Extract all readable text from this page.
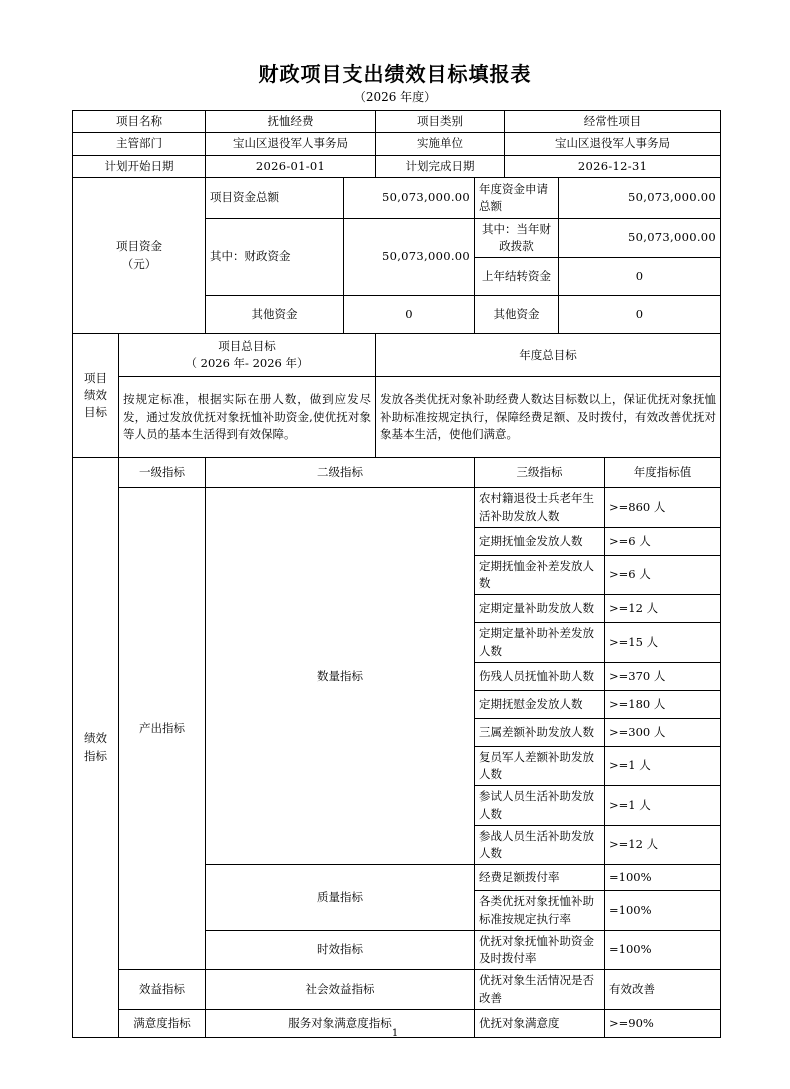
财政项目支出绩效目标填报表
（2026 年度）
项目名称		抚恤经费		项目类别		经常性项目		
主管部门		宝山区退役军人事务局		实施单位		宝山区退役军人事务局		
计划开始日期		2026-01-01		计划完成日期		2026-12-31		

项目资金
（元）		项目资金总额	50,073,000.00		年度资金申请总额		50,073,000.00	
		其中：财政资金	50,073,000.00		其中：当年财政拨款		50,073,000.00	
					上年结转资金		0	
		其他资金	0		其他资金		0	

项目
绩效
目标

项目总目标
（ 2026 年- 2026 年）
	年度总目标
	按规定标准，根据实际在册人数，做到应发尽发，通过发放优抚对象抚恤补助资金,使优抚对象等人员的基本生活得到有效保障。			发放各类优抚对象补助经费人数达目标数以上，保证优抚对象抚恤补助标准按规定执行，保障经费足额、及时拨付，有效改善优抚对象基本生活，使他们满意。				

绩效
指标	一级指标	二级指标			三级指标			年度指标值
	产出指标	数量指标			农村籍退役士兵老年生活补助发放人数			>=860 人
					定期抚恤金发放人数			>=6 人
					定期抚恤金补差发放人数			>=6 人
					定期定量补助发放人数			>=12 人
					定期定量补助补差发放人数			>=15 人
					伤残人员抚恤补助人数			>=370 人
					定期抚慰金发放人数			>=180 人
					三属差额补助发放人数			>=300 人
					复员军人差额补助发放人数			>=1 人
					参试人员生活补助发放人数			>=1 人
					参战人员生活补助发放人数			>=12 人
		质量指标			经费足额拨付率			=100%
					各类优抚对象抚恤补助标准按规定执行率			=100%
		时效指标			优抚对象抚恤补助资金及时拨付率			=100%
	效益指标	社会效益指标			优抚对象生活情况是否改善			有效改善
	满意度指标	服务对象满意度指标			优抚对象满意度			>=90%
1
